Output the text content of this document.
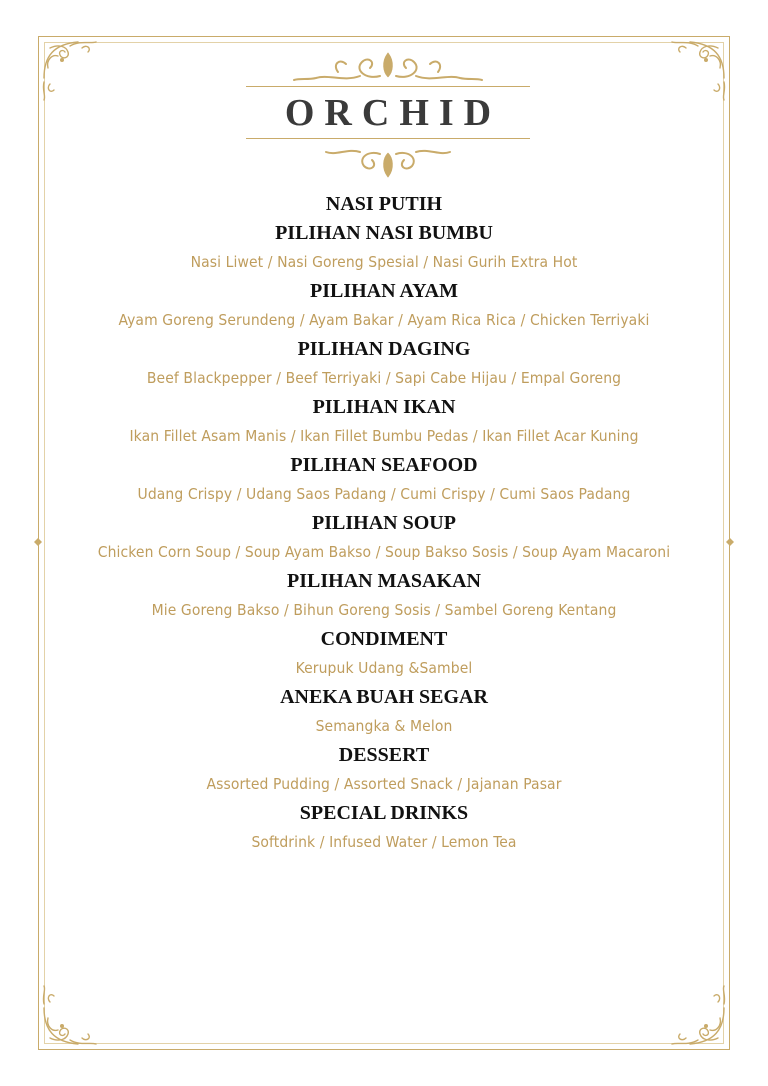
ORCHID
NASI PUTIH
PILIHAN NASI BUMBU
Nasi Liwet / Nasi Goreng Spesial / Nasi Gurih Extra Hot
PILIHAN AYAM
Ayam Goreng Serundeng / Ayam Bakar / Ayam Rica Rica / Chicken Terriyaki
PILIHAN DAGING
Beef Blackpepper / Beef Terriyaki / Sapi Cabe Hijau / Empal Goreng
PILIHAN IKAN
Ikan Fillet Asam Manis / Ikan Fillet Bumbu Pedas / Ikan Fillet Acar Kuning
PILIHAN SEAFOOD
Udang Crispy / Udang Saos Padang / Cumi Crispy / Cumi Saos Padang
PILIHAN SOUP
Chicken Corn Soup / Soup Ayam Bakso / Soup Bakso Sosis / Soup Ayam Macaroni
PILIHAN MASAKAN
Mie Goreng Bakso / Bihun Goreng Sosis / Sambel Goreng Kentang
CONDIMENT
Kerupuk Udang &Sambel
ANEKA BUAH SEGAR
Semangka & Melon
DESSERT
Assorted Pudding / Assorted Snack / Jajanan Pasar
SPECIAL DRINKS
Softdrink / Infused Water / Lemon Tea
